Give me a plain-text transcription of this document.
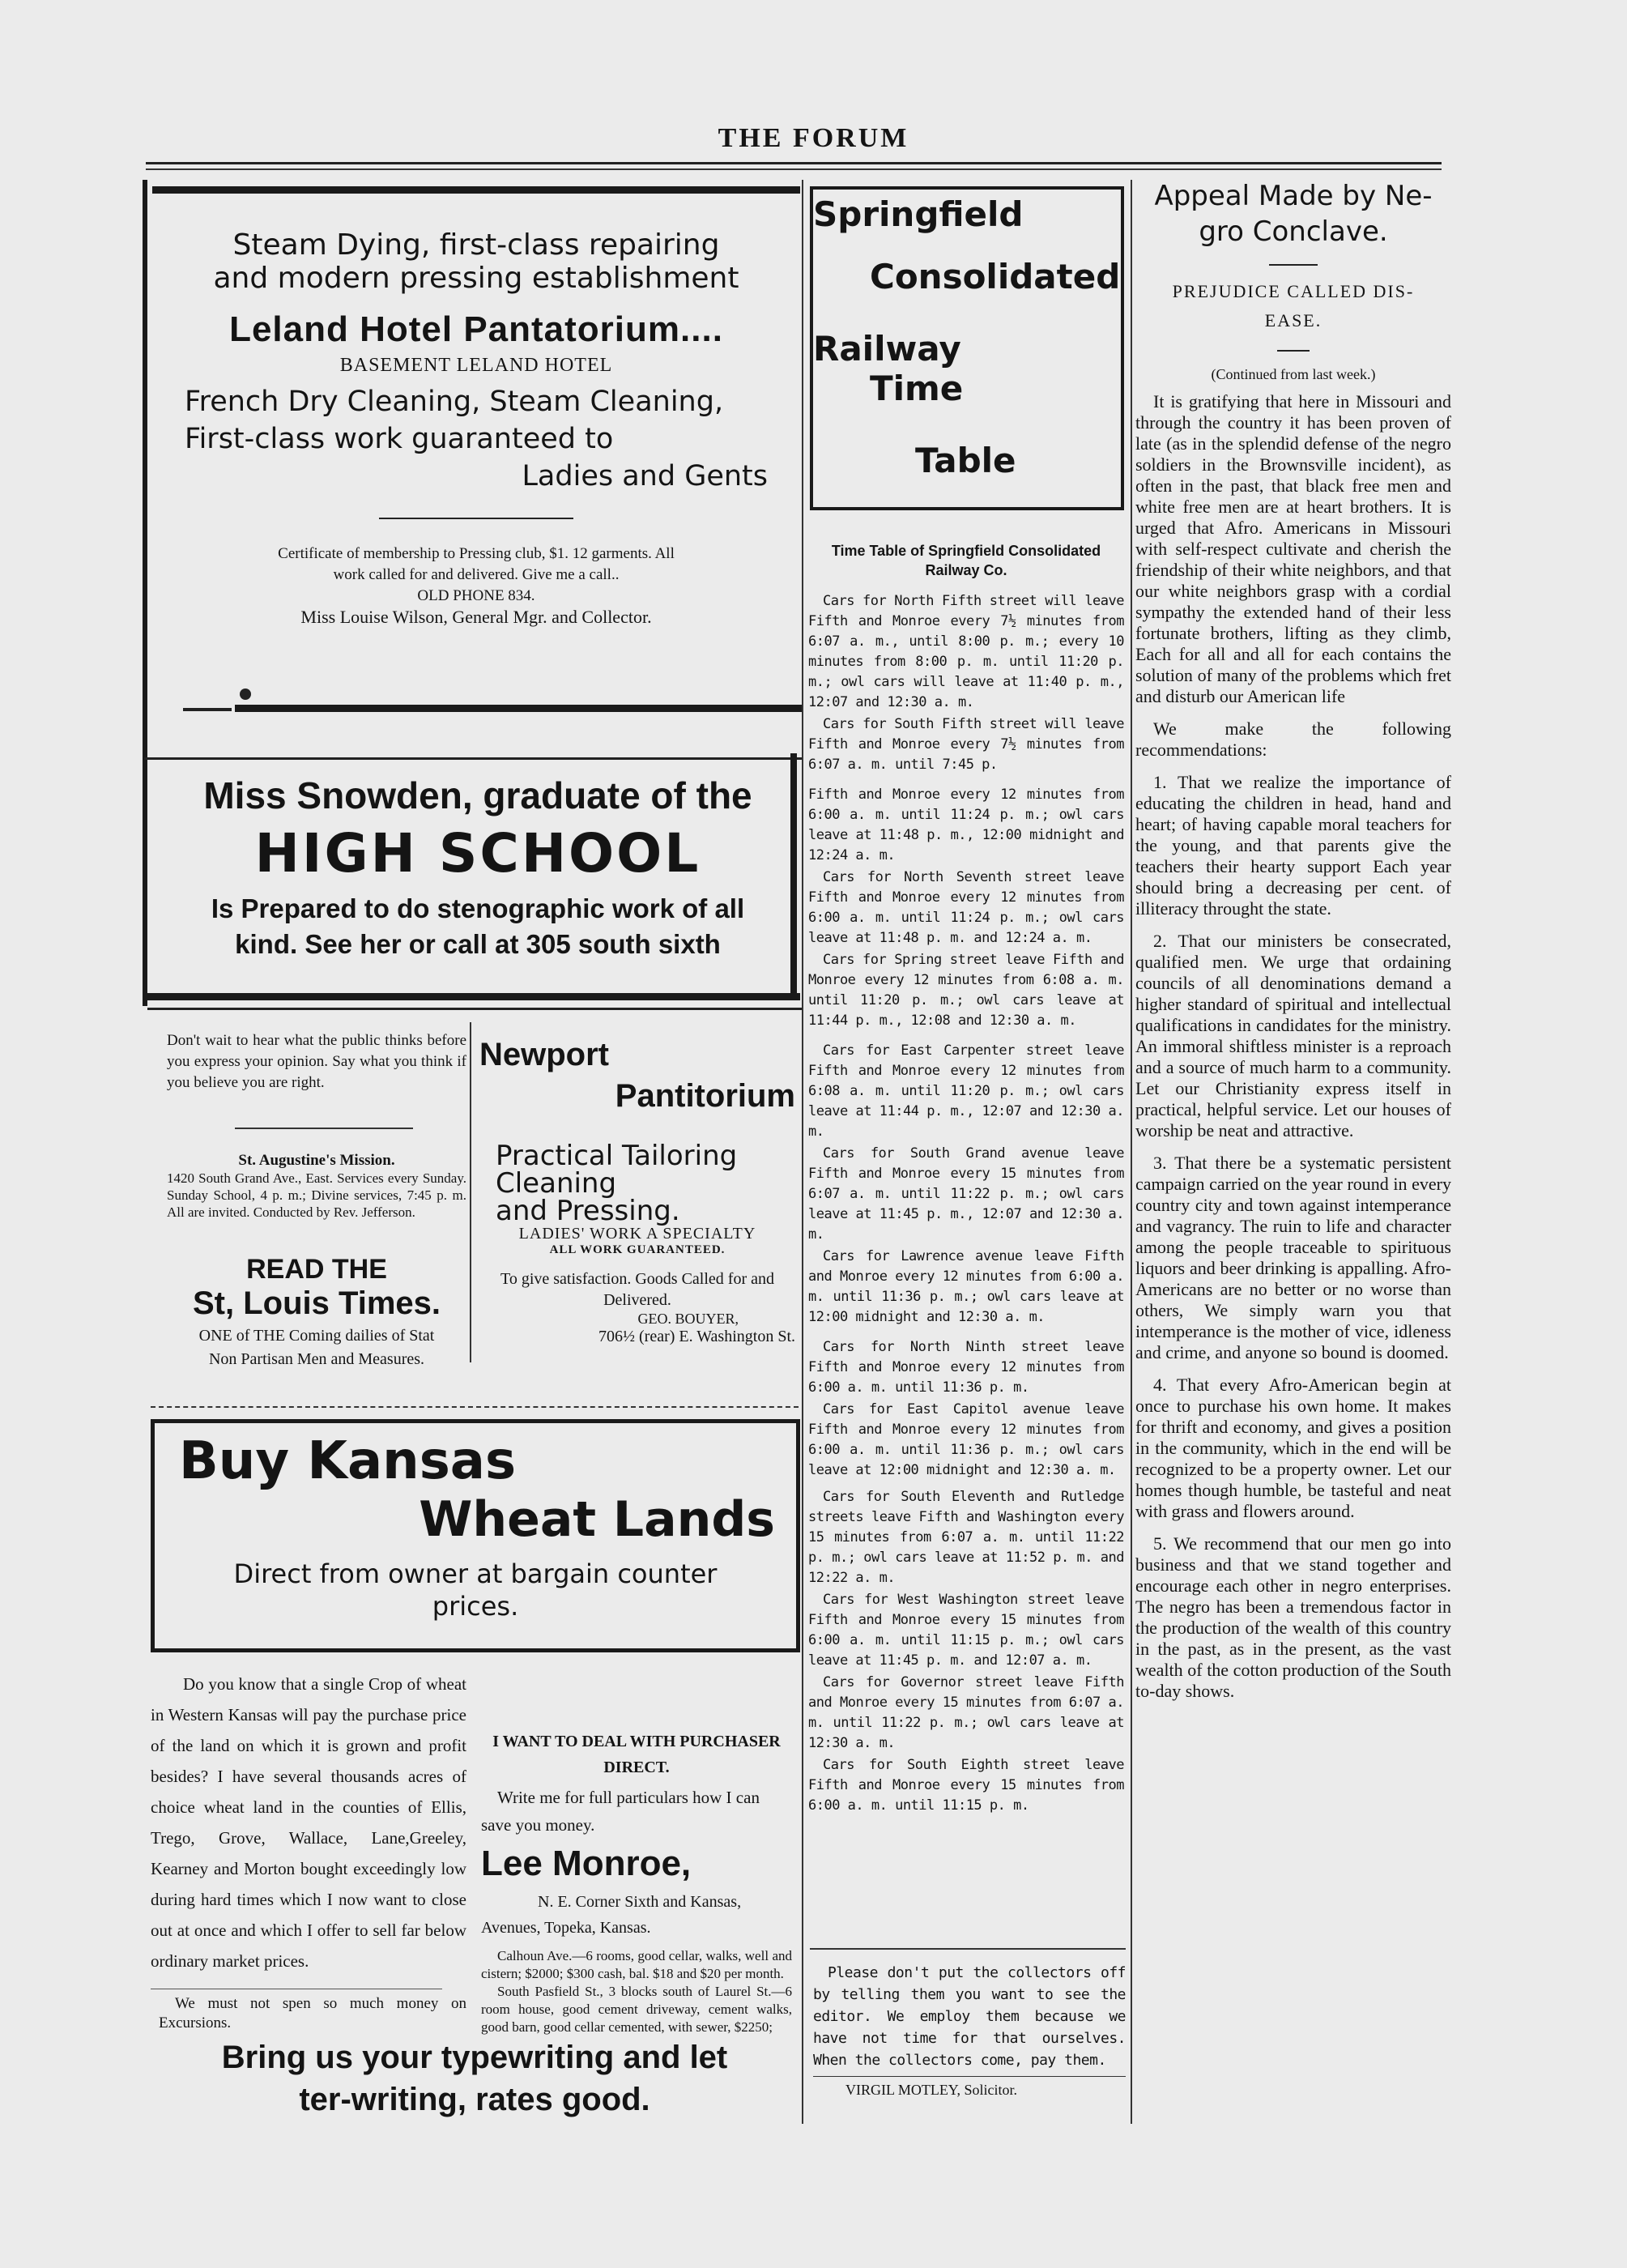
THE FORUM
Steam Dying, first-class repairing
and modern pressing establishment
Leland Hotel Pantatorium....
BASEMENT LELAND HOTEL
French Dry Cleaning, Steam Cleaning,
First-class work guaranteed to
Ladies and Gents
Certificate of membership to Pressing club, $1. 12 garments. All
work called for and delivered. Give me a call..
OLD PHONE 834.
Miss Louise Wilson, General Mgr. and Collector.
Miss Snowden, graduate of the
HIGH SCHOOL
Is Prepared to do stenographic work of all
kind. See her or call at 305 south sixth
Don't wait to hear what the public thinks before you express your opinion. Say what you think if you believe you are right.
St. Augustine's Mission.
1420 South Grand Ave., East. Services every Sunday. Sunday School, 4 p. m.; Divine services, 7:45 p. m. All are invited. Conducted by Rev. Jefferson.
READ THE
St, Louis Times.
ONE of THE Coming dailies of Stat
Non Partisan Men and Measures.
Newport
Pantitorium
Practical Tailoring
Cleaning
and Pressing.
LADIES' WORK A SPECIALTY
ALL WORK GUARANTEED.
To give satisfaction. Goods Called for and Delivered.
GEO. BOUYER,
706½ (rear) E. Washington St.
Buy Kansas
Wheat Lands
Direct from owner at bargain counter
prices.
Do you know that a single Crop of wheat in Western Kansas will pay the purchase price of the land on which it is grown and profit besides? I have several thousands acres of choice wheat land in the counties of Ellis, Trego, Grove, Wallace, Lane,Greeley, Kearney and Morton bought exceedingly low during hard times which I now want to close out at once and which I offer to sell far below ordinary market prices.
We must not spen so much money on Excursions.
I WANT TO DEAL WITH PURCHASER DIRECT.
Write me for full particulars how I can save you money.
Lee Monroe,
N. E. Corner Sixth and Kansas, Avenues, Topeka, Kansas.
Calhoun Ave.—6 rooms, good cellar, walks, well and cistern; $2000; $300 cash, bal. $18 and $20 per month.
South Pasfield St., 3 blocks south of Laurel St.—6 room house, good cement driveway, cement walks, good barn, good cellar cemented, with sewer, $2250;
Bring us your typewriting and let
ter-writing, rates good.
Springfield
Consolidated
Railway Time
Table
Time Table of Springfield Consolidated Railway Co.

Cars for North Fifth street will leave Fifth and Monroe every 7½ minutes from 6:07 a. m., until 8:00 p. m.; every 10 minutes from 8:00 p. m. until 11:20 p. m.; owl cars will leave at 11:40 p. m., 12:07 and 12:30 a. m.

Cars for South Fifth street will leave Fifth and Monroe every 7½ minutes from 6:07 a. m. until 7:45 p.

Fifth and Monroe every 12 minutes from 6:00 a. m. until 11:24 p. m.; owl cars leave at 11:48 p. m., 12:00 midnight and 12:24 a. m.

Cars for North Seventh street leave Fifth and Monroe every 12 minutes from 6:00 a. m. until 11:24 p. m.; owl cars leave at 11:48 p. m. and 12:24 a. m.

Cars for Spring street leave Fifth and Monroe every 12 minutes from 6:08 a. m. until 11:20 p. m.; owl cars leave at 11:44 p. m., 12:08 and 12:30 a. m.

Cars for East Carpenter street leave Fifth and Monroe every 12 minutes from 6:08 a. m. until 11:20 p. m.; owl cars leave at 11:44 p. m., 12:07 and 12:30 a. m.

Cars for South Grand avenue leave Fifth and Monroe every 15 minutes from 6:07 a. m. until 11:22 p. m.; owl cars leave at 11:45 p. m., 12:07 and 12:30 a. m.

Cars for Lawrence avenue leave Fifth and Monroe every 12 minutes from 6:00 a. m. until 11:36 p. m.; owl cars leave at 12:00 midnight and 12:30 a. m.

Cars for North Ninth street leave Fifth and Monroe every 12 minutes from 6:00 a. m. until 11:36 p. m.

Cars for East Capitol avenue leave Fifth and Monroe every 12 minutes from 6:00 a. m. until 11:36 p. m.; owl cars leave at 12:00 midnight and 12:30 a. m.

Cars for South Eleventh and Rutledge streets leave Fifth and Washington every 15 minutes from 6:07 a. m. until 11:22 p. m.; owl cars leave at 11:52 p. m. and 12:22 a. m.

Cars for West Washington street leave Fifth and Monroe every 15 minutes from 6:00 a. m. until 11:15 p. m.; owl cars leave at 11:45 p. m. and 12:07 a. m.

Cars for Governor street leave Fifth and Monroe every 15 minutes from 6:07 a. m. until 11:22 p. m.; owl cars leave at 12:30 a. m.

Cars for South Eighth street leave Fifth and Monroe every 15 minutes from 6:00 a. m. until 11:15 p. m.

Please don't put the collectors off by telling them you want to see the editor. We employ them because we have not time for that ourselves. When the collectors come, pay them.
VIRGIL MOTLEY, Solicitor.
Appeal Made by Ne-
gro Conclave.
PREJUDICE CALLED DIS-
EASE.
(Continued from last week.)

It is gratifying that here in Missouri and through the country it has been proven of late (as in the splendid defense of the negro soldiers in the Brownsville incident), as often in the past, that black free men and white free men are at heart brothers. It is urged that Afro. Americans in Missouri with self-respect cultivate and cherish the friendship of their white neighbors, and that our white neighbors grasp with a cordial sympathy the extended hand of their less fortunate brothers, lifting as they climb, Each for all and all for each contains the solution of many of the problems which fret and disturb our American life

We make the following recommendations:

1. That we realize the importance of educating the children in head, hand and heart; of having capable moral teachers for the young, and that parents give the teachers their hearty support Each year should bring a decreasing per cent. of illiteracy throught the state.

2. That our ministers be consecrated, qualified men. We urge that ordaining councils of all denominations demand a higher standard of spiritual and intellectual qualifications in candidates for the ministry. An immoral shiftless minister is a reproach and a source of much harm to a community. Let our Christianity express itself in practical, helpful service. Let our houses of worship be neat and attractive.

3. That there be a systematic persistent campaign carried on the year round in every country city and town against intemperance and vagrancy. The ruin to life and character among the people traceable to spirituous liquors and beer drinking is appalling. Afro-Americans are no better or no worse than others, We simply warn you that intemperance is the mother of vice, idleness and crime, and anyone so bound is doomed.

4. That every Afro-American begin at once to purchase his own home. It makes for thrift and economy, and gives a position in the community, which in the end will be recognized to be a property owner. Let our homes though humble, be tasteful and neat with grass and flowers around.

5. We recommend that our men go into business and that we stand together and encourage each other in negro enterprises. The negro has been a tremendous factor in the production of the wealth of this country in the past, as in the present, as the vast wealth of the cotton production of the South to-day shows.
